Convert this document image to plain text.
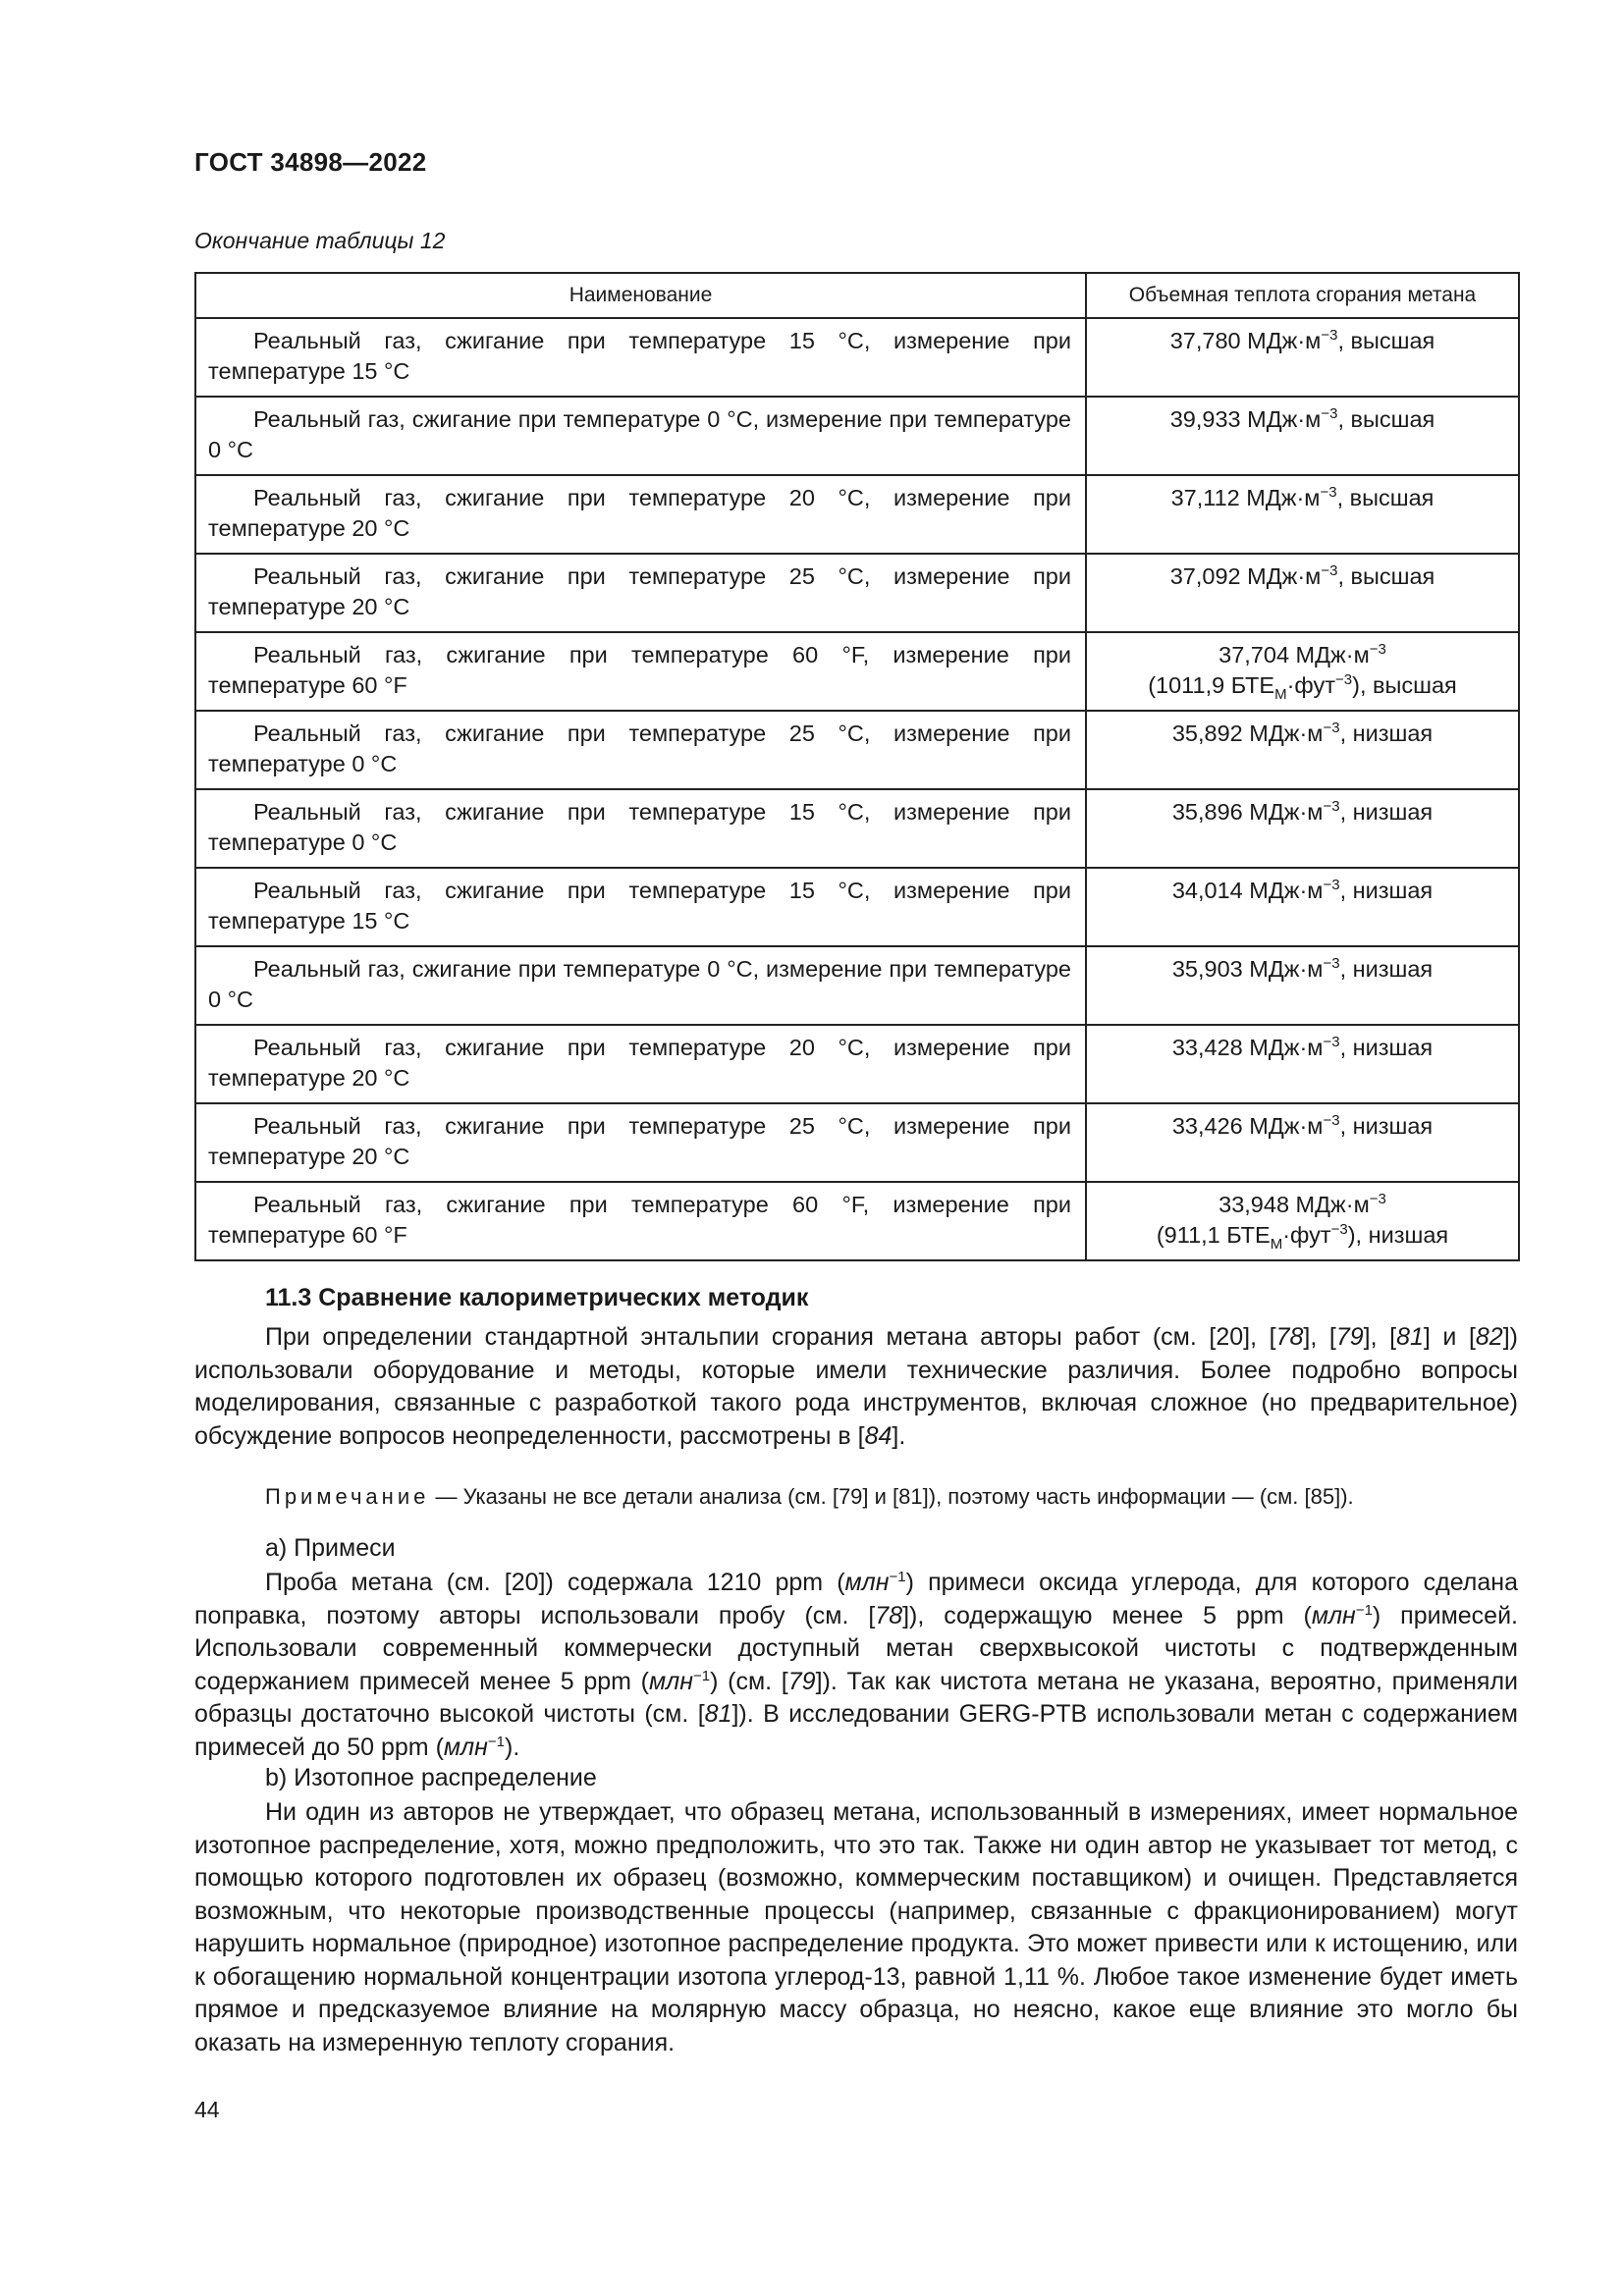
ГОСТ 34898—2022
Окончание таблицы 12
Наименование	Объемная теплота сгорания метана
Реальный газ, сжигание при температуре 15 °С, измерение при температуре 15 °С	37,780 $МДж\cdot м^{-3}$, высшая
Реальный газ, сжигание при температуре 0 °С, измерение при температуре 0 °С	39,933 $МДж\cdot м^{-3}$, высшая
Реальный газ, сжигание при температуре 20 °С, измерение при температуре 20 °С	37,112 $МДж\cdot м^{-3}$, высшая
Реальный газ, сжигание при температуре 25 °С, измерение при температуре 20 °С	37,092 $МДж\cdot м^{-3}$, высшая
Реальный газ, сжигание при температуре 60 °F, измерение при температуре 60 °F	37,704 $МДж\cdot м^{-3}$
(1011,9 $БТЕ_М\cdot фут^{-3}$), высшая
Реальный газ, сжигание при температуре 25 °С, измерение при температуре 0 °С	35,892 $МДж\cdot м^{-3}$, низшая
Реальный газ, сжигание при температуре 15 °С, измерение при температуре 0 °С	35,896 $МДж\cdot м^{-3}$, низшая
Реальный газ, сжигание при температуре 15 °С, измерение при температуре 15 °С	34,014 $МДж\cdot м^{-3}$, низшая
Реальный газ, сжигание при температуре 0 °С, измерение при температуре 0 °С	35,903 $МДж\cdot м^{-3}$, низшая
Реальный газ, сжигание при температуре 20 °С, измерение при температуре 20 °С	33,428 $МДж\cdot м^{-3}$, низшая
Реальный газ, сжигание при температуре 25 °С, измерение при температуре 20 °С	33,426 $МДж\cdot м^{-3}$, низшая
Реальный газ, сжигание при температуре 60 °F, измерение при температуре 60 °F	33,948 $МДж\cdot м^{-3}$
(911,1 $БТЕ_М\cdot фут^{-3}$), низшая
11.3 Сравнение калориметрических методик

При определении стандартной энтальпии сгорания метана авторы работ (см. [20], [78], [79], [81] и [82]) использовали оборудование и методы, которые имели технические различия. Более подробно вопросы моделирования, связанные с разработкой такого рода инструментов, включая сложное (но предварительное) обсуждение вопросов неопределенности, рассмотрены в [84].

Примечание — Указаны не все детали анализа (см. [79] и [81]), поэтому часть информации — (см. [85]).
а) Примеси

Проба метана (см. [20]) содержала 1210 ppm (млн$^{-1}$) примеси оксида углерода, для которого сделана поправка, поэтому авторы использовали пробу (см. [78]), содержащую менее 5 ppm (млн$^{-1}$) примесей. Использовали современный коммерчески доступный метан сверхвысокой чистоты с подтвержденным содержанием примесей менее 5 ppm (млн$^{-1}$) (см. [79]). Так как чистота метана не указана, вероятно, применяли образцы достаточно высокой чистоты (см. [81]). В исследовании GERG-PTB использовали метан с содержанием примесей до 50 ppm (млн$^{-1}$).

b) Изотопное распределение

Ни один из авторов не утверждает, что образец метана, использованный в измерениях, имеет нормальное изотопное распределение, хотя, можно предположить, что это так. Также ни один автор не указывает тот метод, с помощью которого подготовлен их образец (возможно, коммерческим поставщиком) и очищен. Представляется возможным, что некоторые производственные процессы (например, связанные с фракционированием) могут нарушить нормальное (природное) изотопное распределение продукта. Это может привести или к истощению, или к обогащению нормальной концентрации изотопа углерод-13, равной 1,11 %. Любое такое изменение будет иметь прямое и предсказуемое влияние на молярную массу образца, но неясно, какое еще влияние это могло бы оказать на измеренную теплоту сгорания.

44
